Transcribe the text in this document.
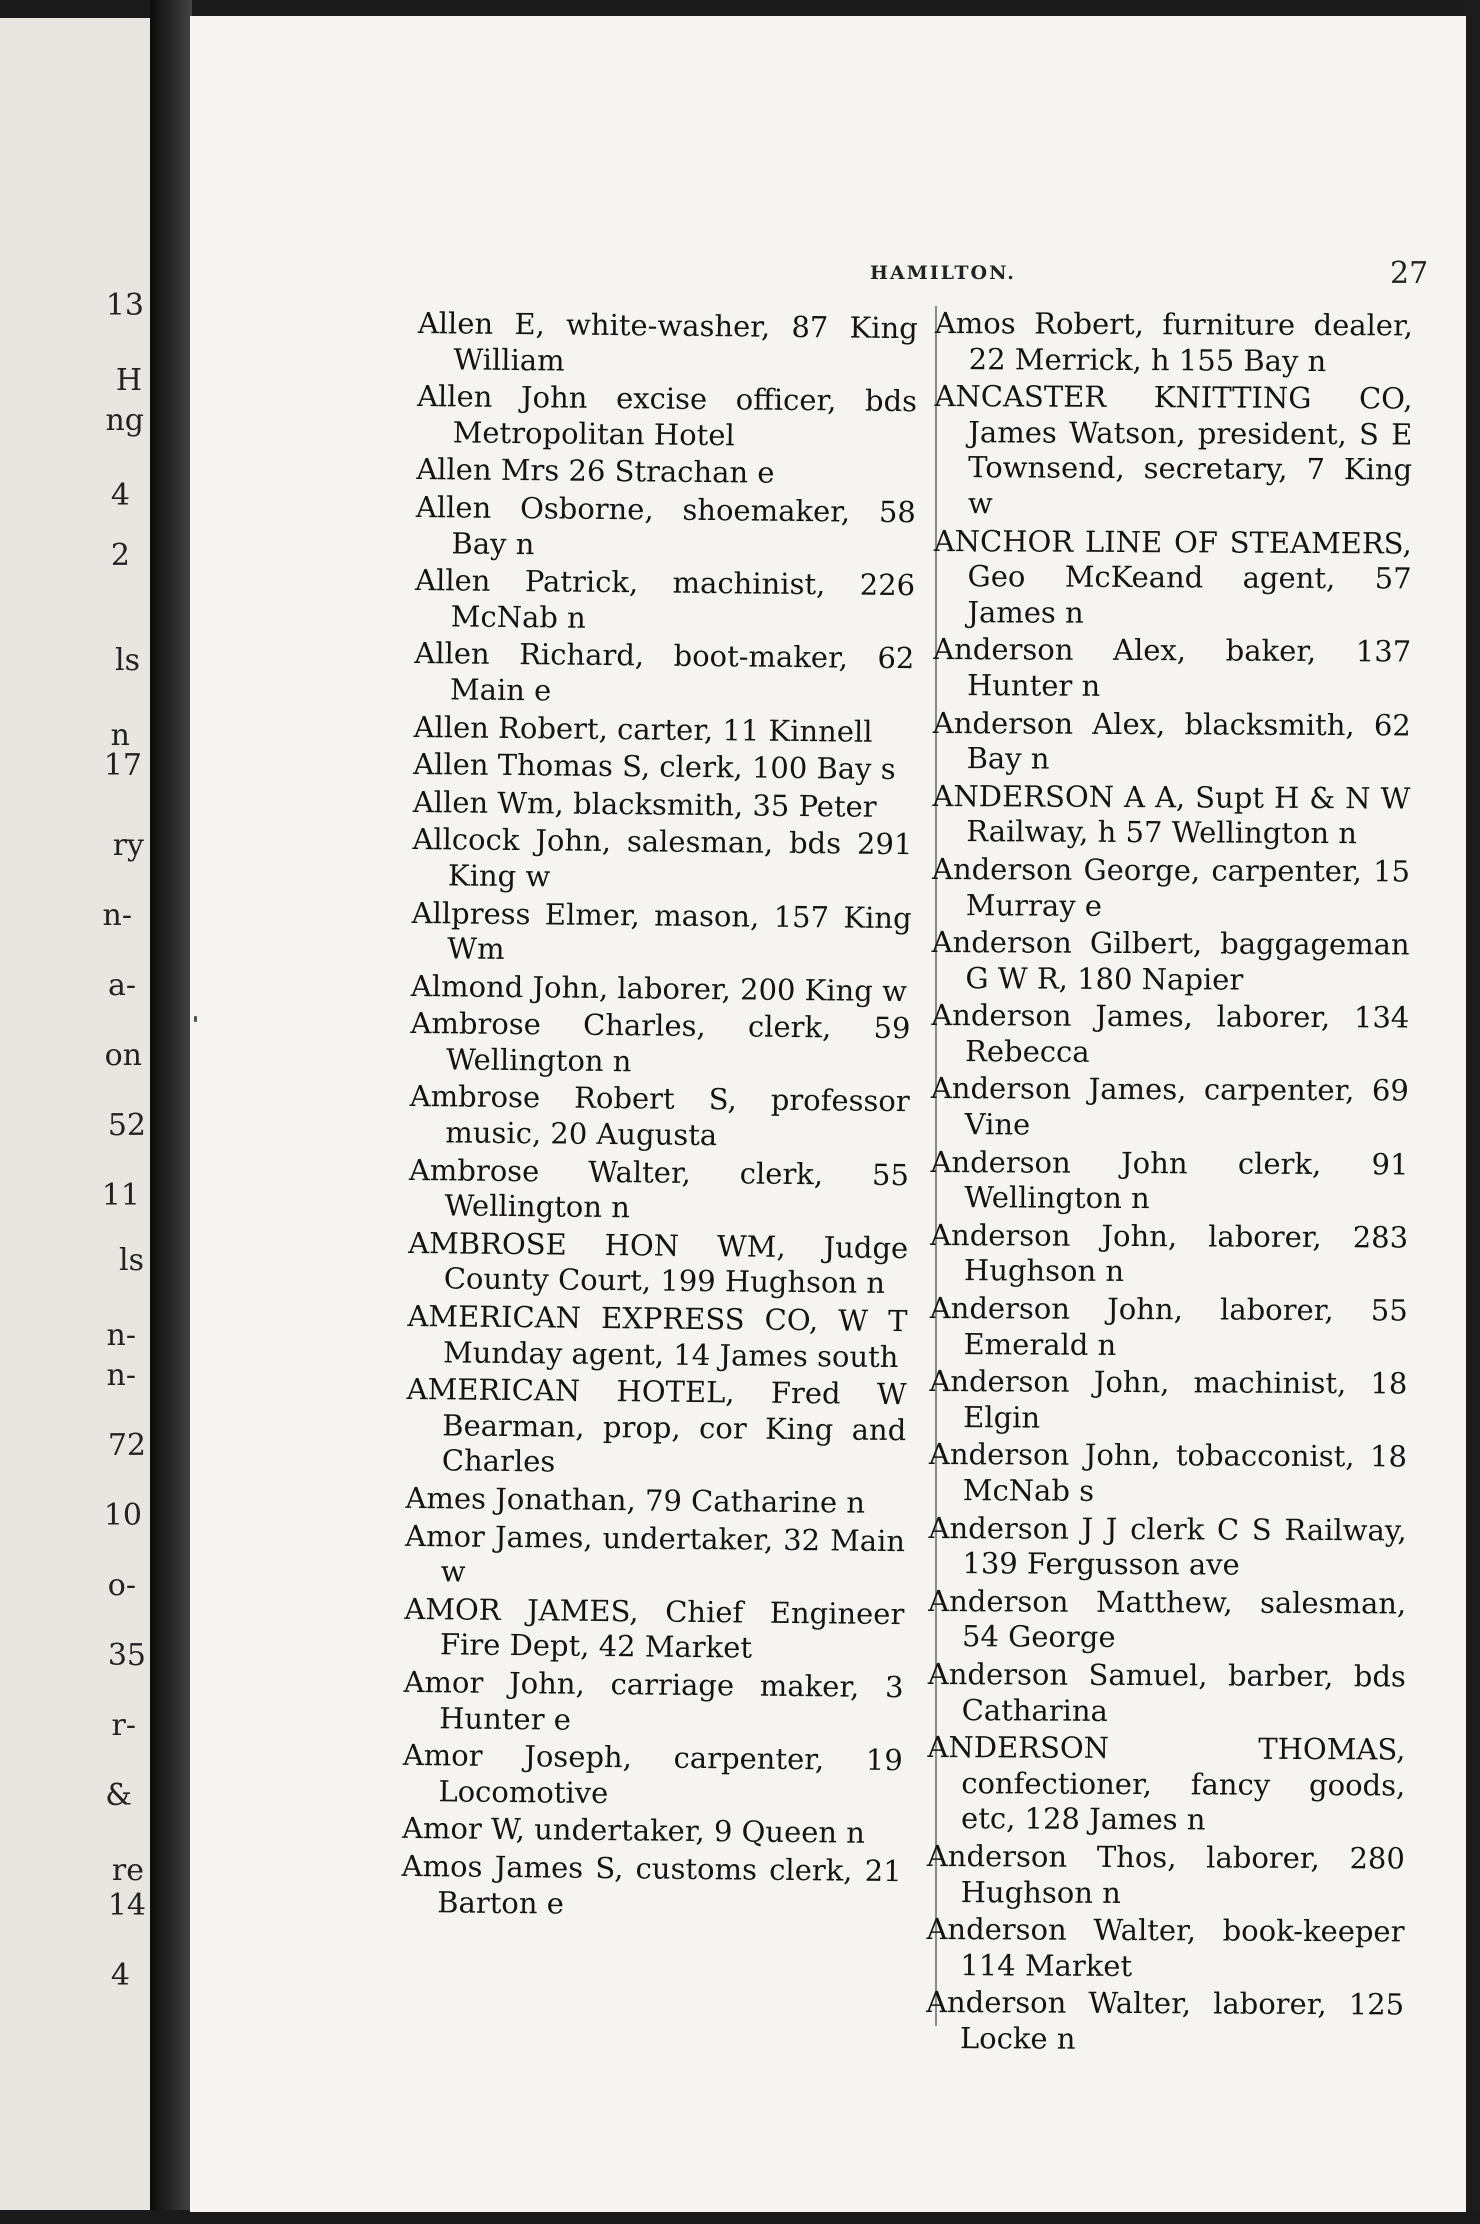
13
H
ng
4
2
ls
n
17
ry
n-
a-
on
52
11
ls
n-
n-
72
10
o-
35
r-
&
re
14
4
HAMILTON.	27
Allen E, white-washer, 87 King William
Allen John excise officer, bds Metropolitan Hotel
Allen Mrs 26 Strachan e
Allen Osborne, shoemaker, 58 Bay n
Allen Patrick, machinist, 226 McNab n
Allen Richard, boot-maker, 62 Main e
Allen Robert, carter, 11 Kinnell
Allen Thomas S, clerk, 100 Bay s
Allen Wm, blacksmith, 35 Peter
Allcock John, salesman, bds 291 King w
Allpress Elmer, mason, 157 King Wm
Almond John, laborer, 200 King w
Ambrose Charles, clerk, 59 Wellington n
Ambrose Robert S, professor music, 20 Augusta
Ambrose Walter, clerk, 55 Wellington n
AMBROSE HON WM, Judge County Court, 199 Hughson n
AMERICAN EXPRESS CO, W T Munday agent, 14 James south
AMERICAN HOTEL, Fred W Bearman, prop, cor King and Charles
Ames Jonathan, 79 Catharine n
Amor James, undertaker, 32 Main w
AMOR JAMES, Chief Engineer Fire Dept, 42 Market
Amor John, carriage maker, 3 Hunter e
Amor Joseph, carpenter, 19 Locomotive
Amor W, undertaker, 9 Queen n
Amos James S, customs clerk, 21 Barton e
Amos Robert, furniture dealer, 22 Merrick, h 155 Bay n
ANCASTER KNITTING CO, James Watson, president, S E Townsend, secretary, 7 King w
ANCHOR LINE OF STEAMERS, Geo McKeand agent, 57 James n
Anderson Alex, baker, 137 Hunter n
Anderson Alex, blacksmith, 62 Bay n
ANDERSON A A, Supt H & N W Railway, h 57 Wellington n
Anderson George, carpenter, 15 Murray e
Anderson Gilbert, baggageman G W R, 180 Napier
Anderson James, laborer, 134 Rebecca
Anderson James, carpenter, 69 Vine
Anderson John clerk, 91 Wellington n
Anderson John, laborer, 283 Hughson n
Anderson John, laborer, 55 Emerald n
Anderson John, machinist, 18 Elgin
Anderson John, tobacconist, 18 McNab s
Anderson J J clerk C S Railway, 139 Fergusson ave
Anderson Matthew, salesman, 54 George
Anderson Samuel, barber, bds Catharina
ANDERSON THOMAS, confectioner, fancy goods, etc, 128 James n
Anderson Thos, laborer, 280 Hughson n
Anderson Walter, book-keeper 114 Market
Anderson Walter, laborer, 125 Locke n
